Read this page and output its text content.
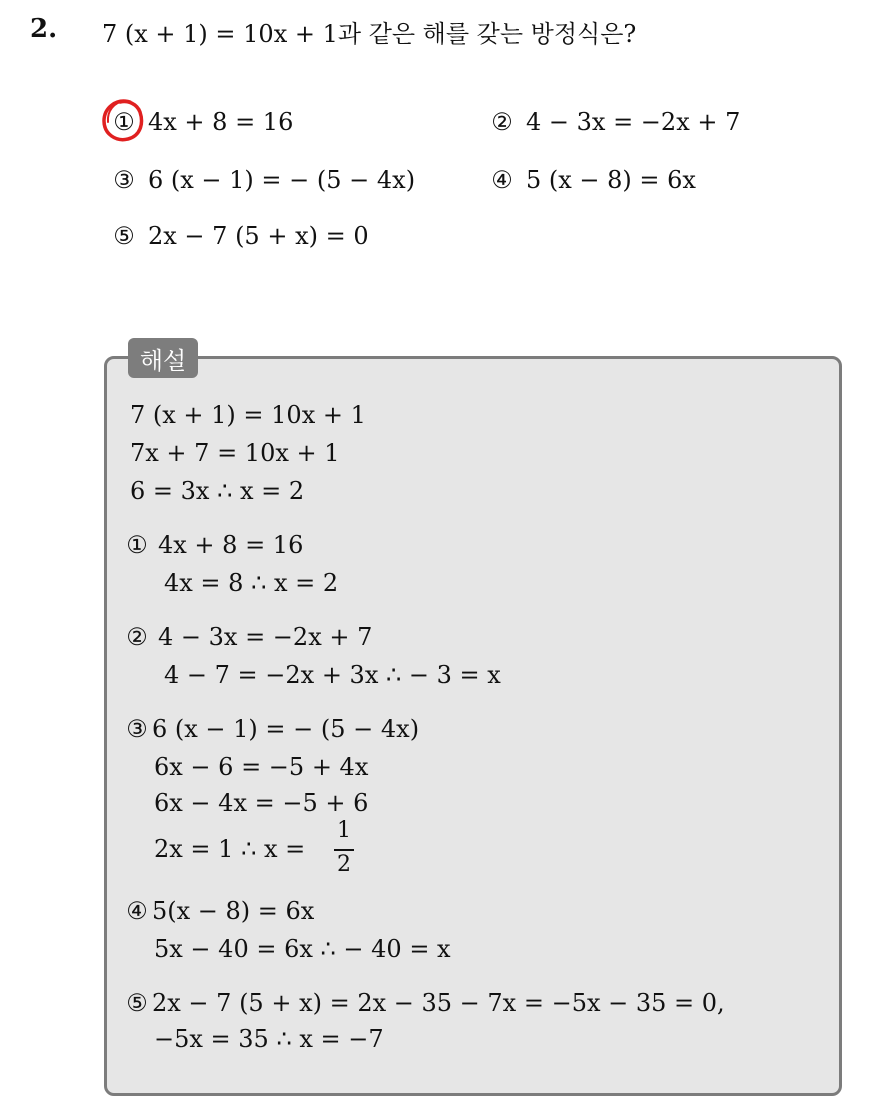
2. 7 (x + 1) = 10x + 1과 같은 해를 갖는 방정식은?
① 4x + 8 = 16	② 4 − 3x = −2x + 7
③ 6 (x − 1) = − (5 − 4x)	④ 5 (x − 8) = 6x
⑤ 2x − 7 (5 + x) = 0
해설
7 (x + 1) = 10x + 1
7x + 7 = 10x + 1
6 = 3x ∴ x = 2
① 4x + 8 = 16
4x = 8 ∴ x = 2
② 4 − 3x = −2x + 7
4 − 7 = −2x + 3x ∴ − 3 = x
③ 6 (x − 1) = − (5 − 4x)
6x − 6 = −5 + 4x
6x − 4x = −5 + 6
2x = 1 ∴ x =
1
2
④ 5(x − 8) = 6x
5x − 40 = 6x ∴ − 40 = x
⑤ 2x − 7 (5 + x) = 2x − 35 − 7x = −5x − 35 = 0,
−5x = 35 ∴ x = −7
